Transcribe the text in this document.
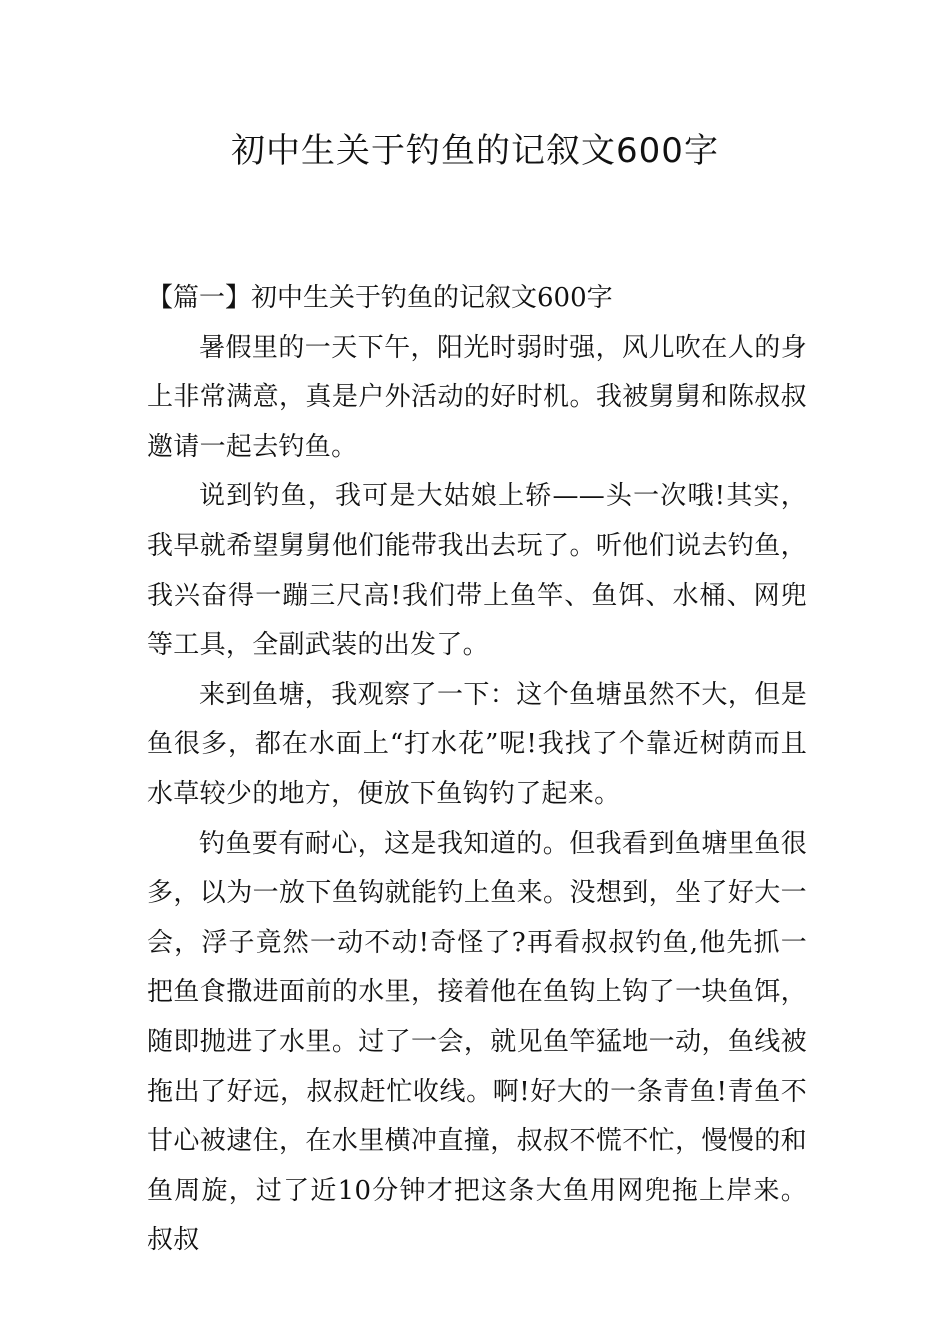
初中生关于钓鱼的记叙文600字
【篇一】初中生关于钓鱼的记叙文600字

暑假里的一天下午，阳光时弱时强，风儿吹在人的身上非常满意，真是户外活动的好时机。我被舅舅和陈叔叔邀请一起去钓鱼。

说到钓鱼，我可是大姑娘上轿——头一次哦!其实，我早就希望舅舅他们能带我出去玩了。听他们说去钓鱼，我兴奋得一蹦三尺高!我们带上鱼竿、鱼饵、水桶、网兜等工具，全副武装的出发了。

来到鱼塘，我观察了一下：这个鱼塘虽然不大，但是鱼很多，都在水面上“打水花”呢!我找了个靠近树荫而且水草较少的地方，便放下鱼钩钓了起来。

钓鱼要有耐心，这是我知道的。但我看到鱼塘里鱼很多，以为一放下鱼钩就能钓上鱼来。没想到，坐了好大一会，浮子竟然一动不动!奇怪了?再看叔叔钓鱼,他先抓一把鱼食撒进面前的水里，接着他在鱼钩上钩了一块鱼饵，随即抛进了水里。过了一会，就见鱼竿猛地一动，鱼线被拖出了好远，叔叔赶忙收线。啊!好大的一条青鱼!青鱼不甘心被逮住，在水里横冲直撞，叔叔不慌不忙，慢慢的和鱼周旋，过了近10分钟才把这条大鱼用网兜拖上岸来。叔叔
